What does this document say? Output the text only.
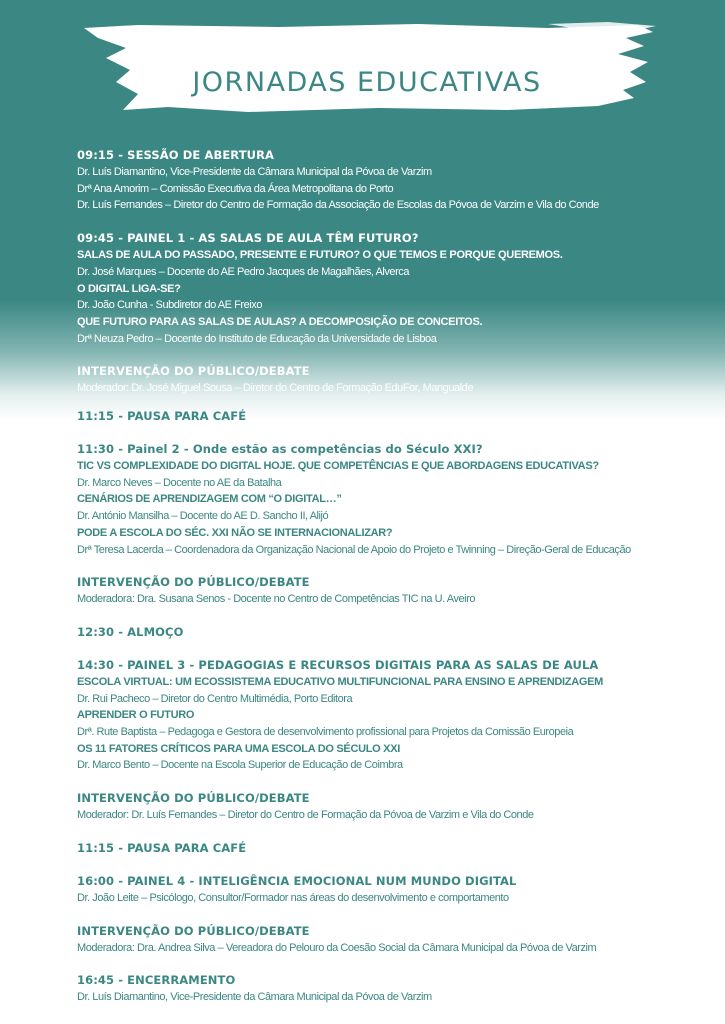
JORNADAS EDUCATIVAS
09:15 - SESSÃO DE ABERTURA
Dr. Luís Diamantino, Vice-Presidente da Câmara Municipal da Póvoa de Varzim
Drª Ana Amorim – Comissão Executiva da Área Metropolitana do Porto
Dr. Luís Fernandes – Diretor do Centro de Formação da Associação de Escolas da Póvoa de Varzim e Vila do Conde
09:45 - PAINEL 1 - AS SALAS DE AULA TÊM FUTURO?
SALAS DE AULA DO PASSADO, PRESENTE E FUTURO? O QUE TEMOS E PORQUE QUEREMOS.
Dr. José Marques – Docente do AE Pedro Jacques de Magalhães, Alverca
O DIGITAL LIGA-SE?
Dr. João Cunha - Subdiretor do AE Freixo
QUE FUTURO PARA AS SALAS DE AULAS? A DECOMPOSIÇÃO DE CONCEITOS.
Drª Neuza Pedro – Docente do Instituto de Educação da Universidade de Lisboa
INTERVENÇÃO DO PÚBLICO/DEBATE
Moderador: Dr. José Miguel Sousa – Diretor do Centro de Formação EduFor, Mangualde
11:15 - PAUSA PARA CAFÉ
11:30 - Painel 2 - Onde estão as competências do Século XXI?
TIC VS COMPLEXIDADE DO DIGITAL HOJE. QUE COMPETÊNCIAS E QUE ABORDAGENS EDUCATIVAS?
Dr. Marco Neves – Docente no AE da Batalha
CENÁRIOS DE APRENDIZAGEM COM “O DIGITAL…”
Dr. António Mansilha – Docente do AE D. Sancho II, Alijó
PODE A ESCOLA DO SÉC. XXI NÃO SE INTERNACIONALIZAR?
Drª Teresa Lacerda – Coordenadora da Organização Nacional de Apoio do Projeto e Twinning – Direção-Geral de Educação
INTERVENÇÃO DO PÚBLICO/DEBATE
Moderadora: Dra. Susana Senos - Docente no Centro de Competências TIC na U. Aveiro
12:30 - ALMOÇO
14:30 - PAINEL 3 - PEDAGOGIAS E RECURSOS DIGITAIS PARA AS SALAS DE AULA
ESCOLA VIRTUAL: UM ECOSSISTEMA EDUCATIVO MULTIFUNCIONAL PARA ENSINO E APRENDIZAGEM
Dr. Rui Pacheco – Diretor do Centro Multimédia, Porto Editora
APRENDER O FUTURO
Drª. Rute Baptista – Pedagoga e Gestora de desenvolvimento profissional para Projetos da Comissão Europeia
OS 11 FATORES CRÍTICOS PARA UMA ESCOLA DO SÉCULO XXI
Dr. Marco Bento – Docente na Escola Superior de Educação de Coimbra
INTERVENÇÃO DO PÚBLICO/DEBATE
Moderador: Dr. Luís Fernandes – Diretor do Centro de Formação da Póvoa de Varzim e Vila do Conde
11:15 - PAUSA PARA CAFÉ
16:00 - PAINEL 4 - INTELIGÊNCIA EMOCIONAL NUM MUNDO DIGITAL
Dr. João Leite – Psicólogo, Consultor/Formador nas áreas do desenvolvimento e comportamento
INTERVENÇÃO DO PÚBLICO/DEBATE
Moderadora: Dra. Andrea Silva – Vereadora do Pelouro da Coesão Social da Câmara Municipal da Póvoa de Varzim
16:45 - ENCERRAMENTO
Dr. Luís Diamantino, Vice-Presidente da Câmara Municipal da Póvoa de Varzim
